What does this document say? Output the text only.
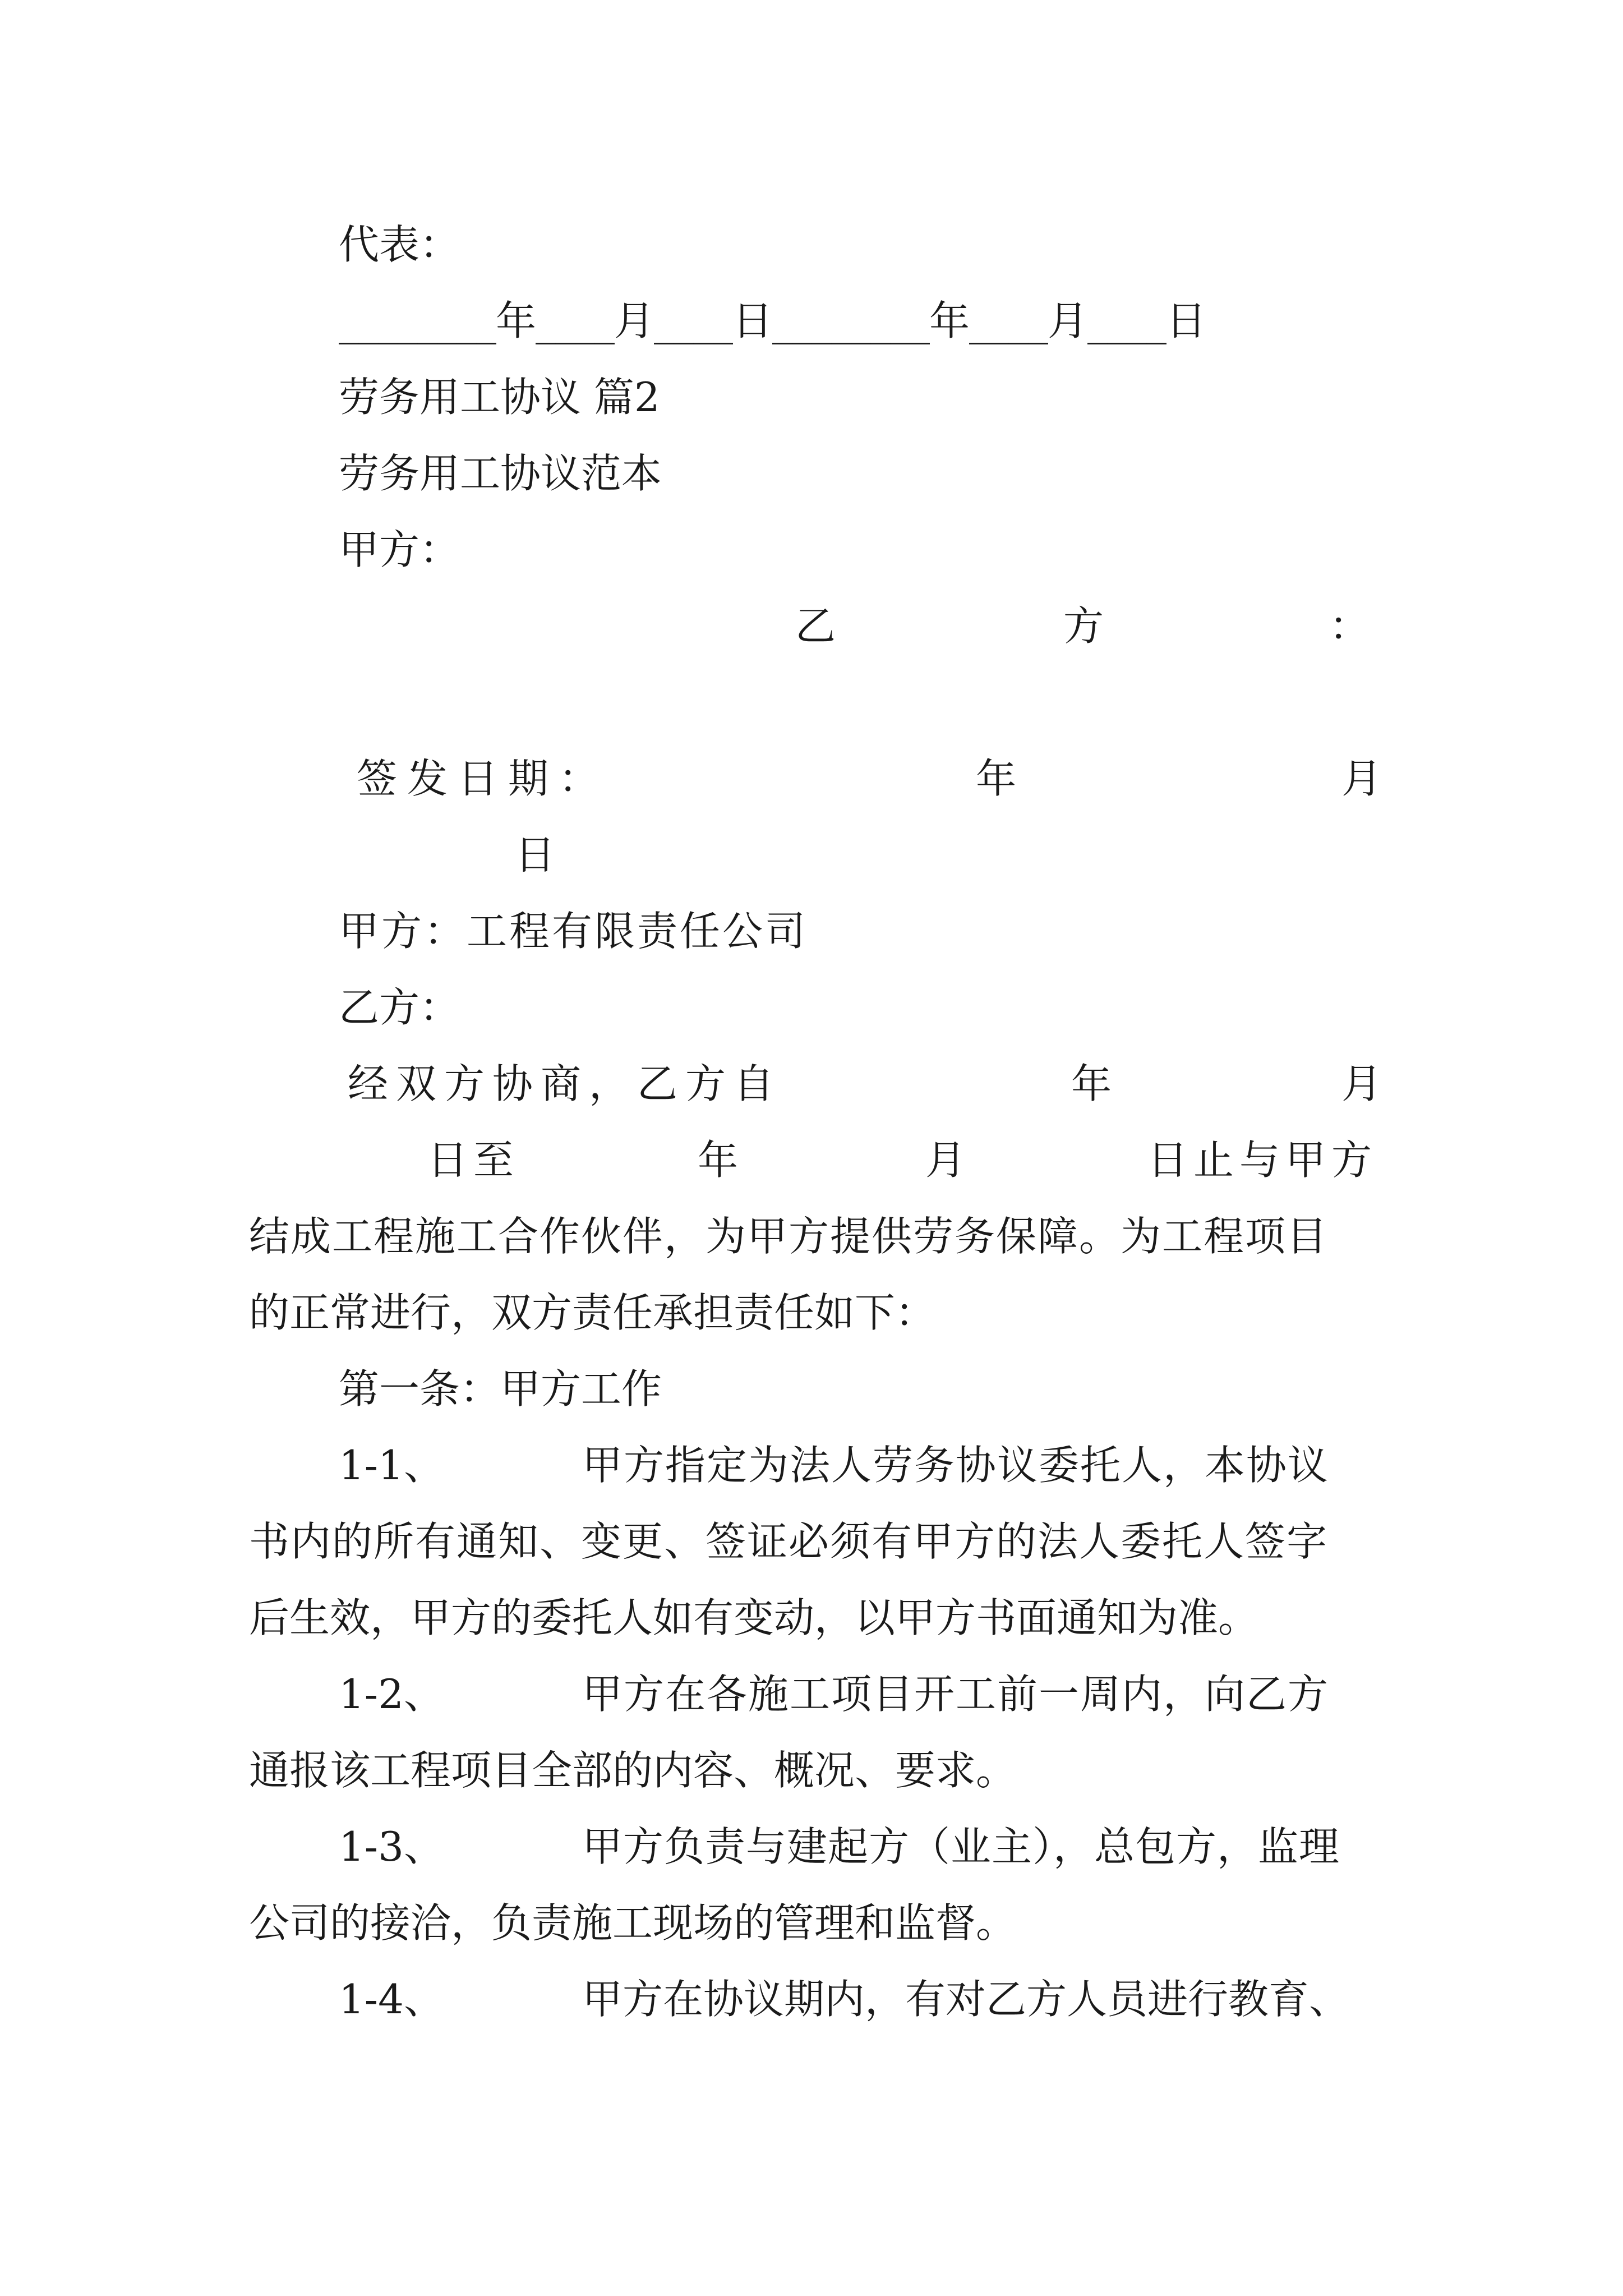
代表：
________年____月____日________年____月____日
劳务用工协议 篇2
劳务用工协议范本
甲方：
乙	方	：
签发日期：	年	月
日
甲方：工程有限责任公司
乙方：
经双方协商，乙方自	年	月
日至	年	月	日止与甲方
结成工程施工合作伙伴，为甲方提供劳务保障。为工程项目
的正常进行，双方责任承担责任如下：
第一条：甲方工作
1-1、	甲方指定为法人劳务协议委托人，本协议
书内的所有通知、变更、签证必须有甲方的法人委托人签字
后生效，甲方的委托人如有变动，以甲方书面通知为准。
1-2、	甲方在各施工项目开工前一周内，向乙方
通报该工程项目全部的内容、概况、要求。
1-3、	甲方负责与建起方（业主），总包方，监理
公司的接洽，负责施工现场的管理和监督。
1-4、	甲方在协议期内，有对乙方人员进行教育、
